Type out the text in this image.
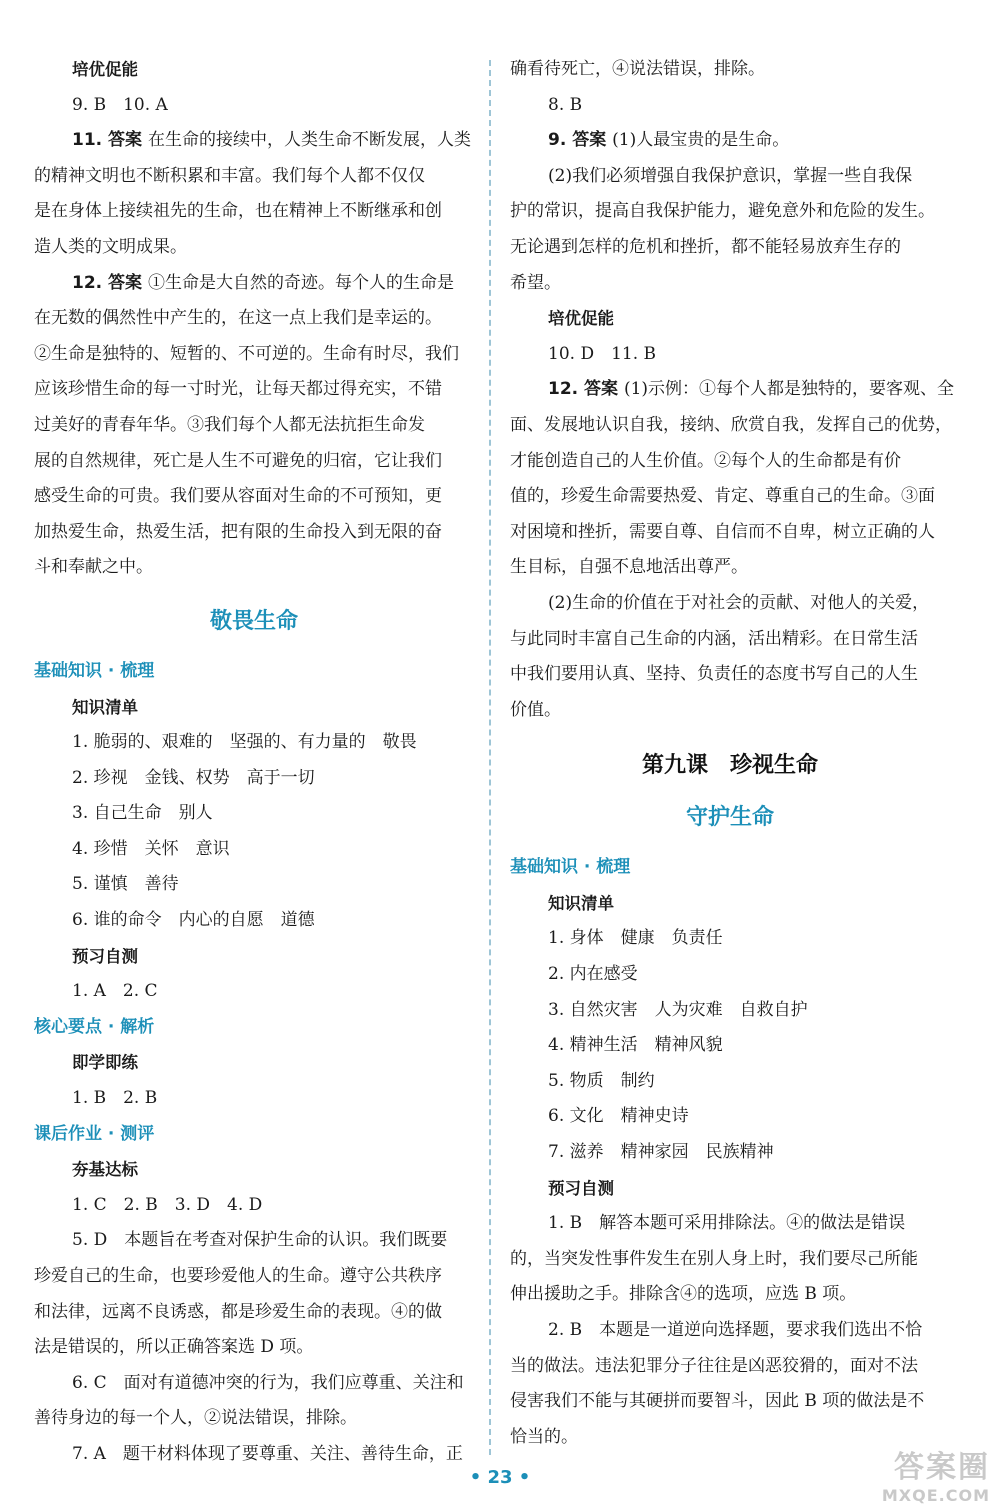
培优促能
9. B　10. A
11. 答案 在生命的接续中，人类生命不断发展，人类
的精神文明也不断积累和丰富。我们每个人都不仅仅
是在身体上接续祖先的生命，也在精神上不断继承和创
造人类的文明成果。
12. 答案 ①生命是大自然的奇迹。每个人的生命是
在无数的偶然性中产生的，在这一点上我们是幸运的。
②生命是独特的、短暂的、不可逆的。生命有时尽，我们
应该珍惜生命的每一寸时光，让每天都过得充实，不错
过美好的青春年华。③我们每个人都无法抗拒生命发
展的自然规律，死亡是人生不可避免的归宿，它让我们
感受生命的可贵。我们要从容面对生命的不可预知，更
加热爱生命，热爱生活，把有限的生命投入到无限的奋
斗和奉献之中。
敬畏生命
基础知识 · 梳理
知识清单
1. 脆弱的、艰难的　坚强的、有力量的　敬畏
2. 珍视　金钱、权势　高于一切
3. 自己生命　别人
4. 珍惜　关怀　意识
5. 谨慎　善待
6. 谁的命令　内心的自愿　道德
预习自测
1. A　2. C
核心要点 · 解析
即学即练
1. B　2. B
课后作业 · 测评
夯基达标
1. C　2. B　3. D　4. D
5. D　本题旨在考查对保护生命的认识。我们既要
珍爱自己的生命，也要珍爱他人的生命。遵守公共秩序
和法律，远离不良诱惑，都是珍爱生命的表现。④的做
法是错误的，所以正确答案选 D 项。
6. C　面对有道德冲突的行为，我们应尊重、关注和
善待身边的每一个人，②说法错误，排除。
7. A　题干材料体现了要尊重、关注、善待生命，正
确看待死亡，④说法错误，排除。
8. B
9. 答案 (1)人最宝贵的是生命。
(2)我们必须增强自我保护意识，掌握一些自我保
护的常识，提高自我保护能力，避免意外和危险的发生。
无论遇到怎样的危机和挫折，都不能轻易放弃生存的
希望。
培优促能
10. D　11. B
12. 答案 (1)示例：①每个人都是独特的，要客观、全
面、发展地认识自我，接纳、欣赏自我，发挥自己的优势，
才能创造自己的人生价值。②每个人的生命都是有价
值的，珍爱生命需要热爱、肯定、尊重自己的生命。③面
对困境和挫折，需要自尊、自信而不自卑，树立正确的人
生目标，自强不息地活出尊严。
(2)生命的价值在于对社会的贡献、对他人的关爱，
与此同时丰富自己生命的内涵，活出精彩。在日常生活
中我们要用认真、坚持、负责任的态度书写自己的人生
价值。
第九课　珍视生命
守护生命
基础知识 · 梳理
知识清单
1. 身体　健康　负责任
2. 内在感受
3. 自然灾害　人为灾难　自救自护
4. 精神生活　精神风貌
5. 物质　制约
6. 文化　精神史诗
7. 滋养　精神家园　民族精神
预习自测
1. B　解答本题可采用排除法。④的做法是错误
的，当突发性事件发生在别人身上时，我们要尽己所能
伸出援助之手。排除含④的选项，应选 B 项。
2. B　本题是一道逆向选择题，要求我们选出不恰
当的做法。违法犯罪分子往往是凶恶狡猾的，面对不法
侵害我们不能与其硬拼而要智斗，因此 B 项的做法是不
恰当的。
• 23 •	答案圈
MXQE.COM
